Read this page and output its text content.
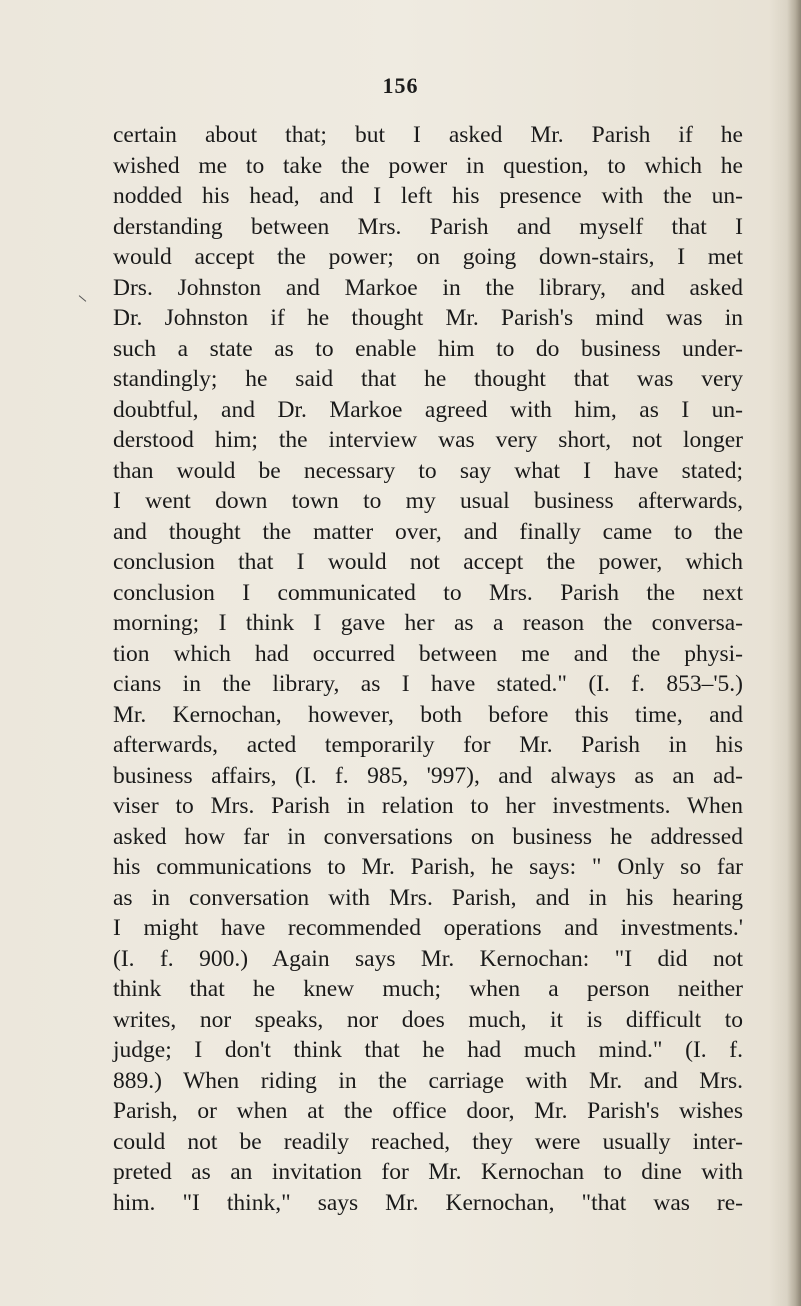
156
certain about that; but I asked Mr. Parish if he
wished me to take the power in question, to which he
nodded his head, and I left his presence with the un-
derstanding between Mrs. Parish and myself that I
would accept the power; on going down-stairs, I met
Drs. Johnston and Markoe in the library, and asked
Dr. Johnston if he thought Mr. Parish's mind was in
such a state as to enable him to do business under-
standingly; he said that he thought that was very
doubtful, and Dr. Markoe agreed with him, as I un-
derstood him; the interview was very short, not longer
than would be necessary to say what I have stated;
I went down town to my usual business afterwards,
and thought the matter over, and finally came to the
conclusion that I would not accept the power, which
conclusion I communicated to Mrs. Parish the next
morning; I think I gave her as a reason the conversa-
tion which had occurred between me and the physi-
cians in the library, as I have stated." (I. f. 853–'5.)
Mr. Kernochan, however, both before this time, and
afterwards, acted temporarily for Mr. Parish in his
business affairs, (I. f. 985, '997), and always as an ad-
viser to Mrs. Parish in relation to her investments. When
asked how far in conversations on business he addressed
his communications to Mr. Parish, he says: " Only so far
as in conversation with Mrs. Parish, and in his hearing
I might have recommended operations and investments.'
(I. f. 900.) Again says Mr. Kernochan: "I did not
think that he knew much; when a person neither
writes, nor speaks, nor does much, it is difficult to
judge; I don't think that he had much mind." (I. f.
889.) When riding in the carriage with Mr. and Mrs.
Parish, or when at the office door, Mr. Parish's wishes
could not be readily reached, they were usually inter-
preted as an invitation for Mr. Kernochan to dine with
him. "I think," says Mr. Kernochan, "that was re-
